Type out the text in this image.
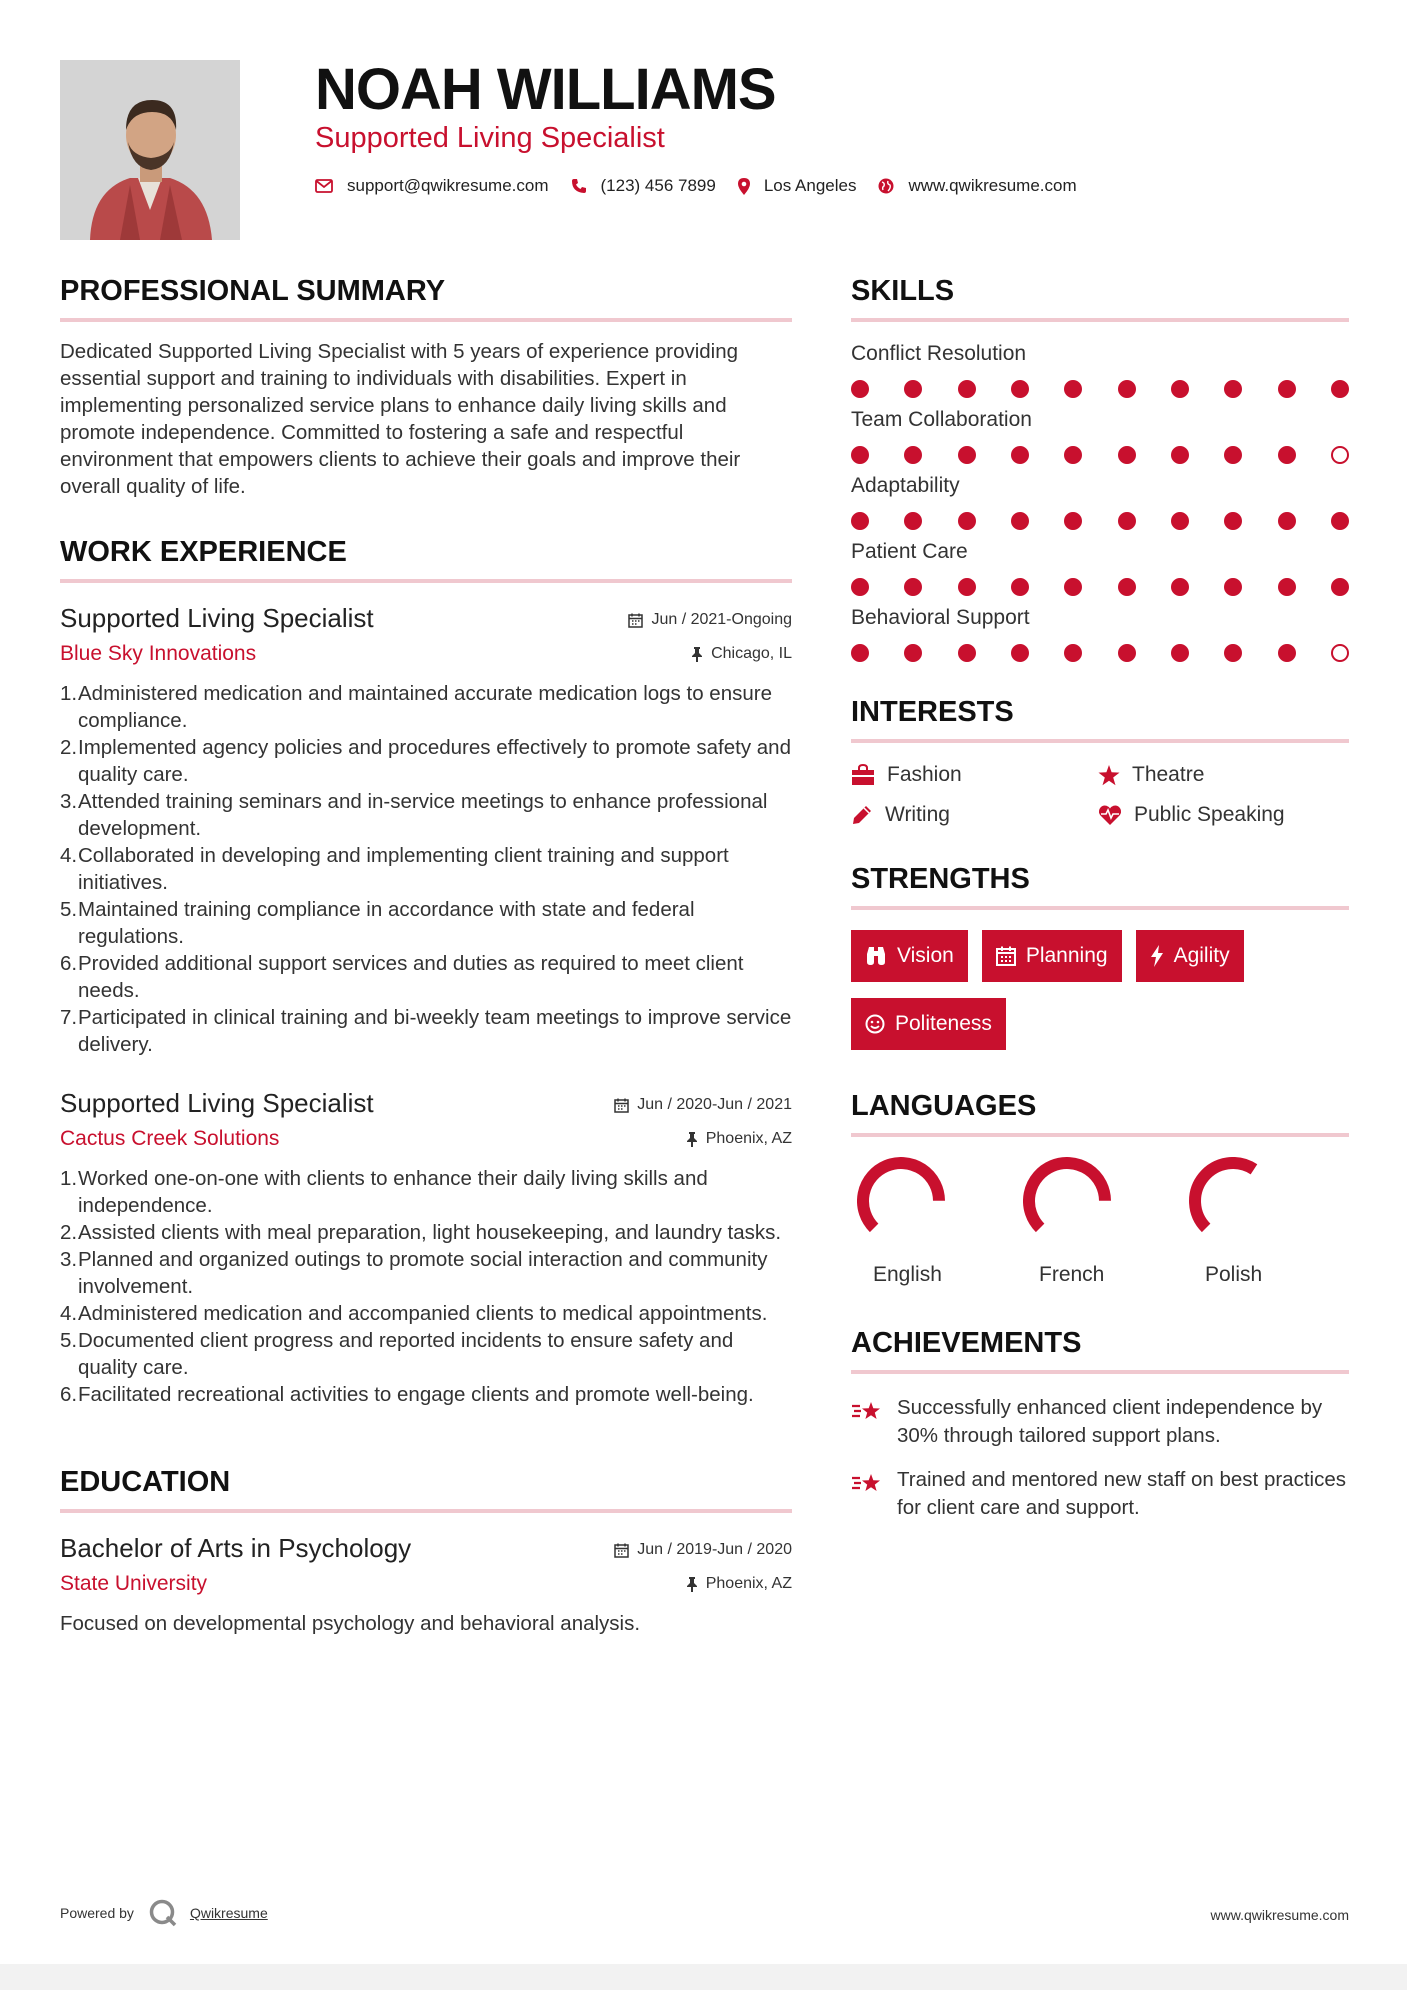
NOAH WILLIAMS
Supported Living Specialist
support@qwikresume.com	(123) 456 7899	Los Angeles	www.qwikresume.com
PROFESSIONAL SUMMARY
Dedicated Supported Living Specialist with 5 years of experience providing essential support and training to individuals with disabilities. Expert in implementing personalized service plans to enhance daily living skills and promote independence. Committed to fostering a safe and respectful environment that empowers clients to achieve their goals and improve their overall quality of life.
WORK EXPERIENCE
Supported Living Specialist	Jun / 2021-Ongoing
Blue Sky Innovations	Chicago, IL
1. Administered medication and maintained accurate medication logs to ensure compliance.
2. Implemented agency policies and procedures effectively to promote safety and quality care.
3. Attended training seminars and in-service meetings to enhance professional development.
4. Collaborated in developing and implementing client training and support initiatives.
5. Maintained training compliance in accordance with state and federal regulations.
6. Provided additional support services and duties as required to meet client needs.
7. Participated in clinical training and bi-weekly team meetings to improve service delivery.
Supported Living Specialist	Jun / 2020-Jun / 2021
Cactus Creek Solutions	Phoenix, AZ
1. Worked one-on-one with clients to enhance their daily living skills and independence.
2. Assisted clients with meal preparation, light housekeeping, and laundry tasks.
3. Planned and organized outings to promote social interaction and community involvement.
4. Administered medication and accompanied clients to medical appointments.
5. Documented client progress and reported incidents to ensure safety and quality care.
6. Facilitated recreational activities to engage clients and promote well-being.
EDUCATION
Bachelor of Arts in Psychology	Jun / 2019-Jun / 2020
State University	Phoenix, AZ
Focused on developmental psychology and behavioral analysis.
SKILLS
Conflict Resolution
Team Collaboration
Adaptability
Patient Care
Behavioral Support
INTERESTS
Fashion	Theatre
Writing	Public Speaking
STRENGTHS
Vision	Planning	Agility
Politeness
LANGUAGES
English	French	Polish
ACHIEVEMENTS
Successfully enhanced client independence by 30% through tailored support plans.
Trained and mentored new staff on best practices for client care and support.
Powered by	Qwikresume	www.qwikresume.com
